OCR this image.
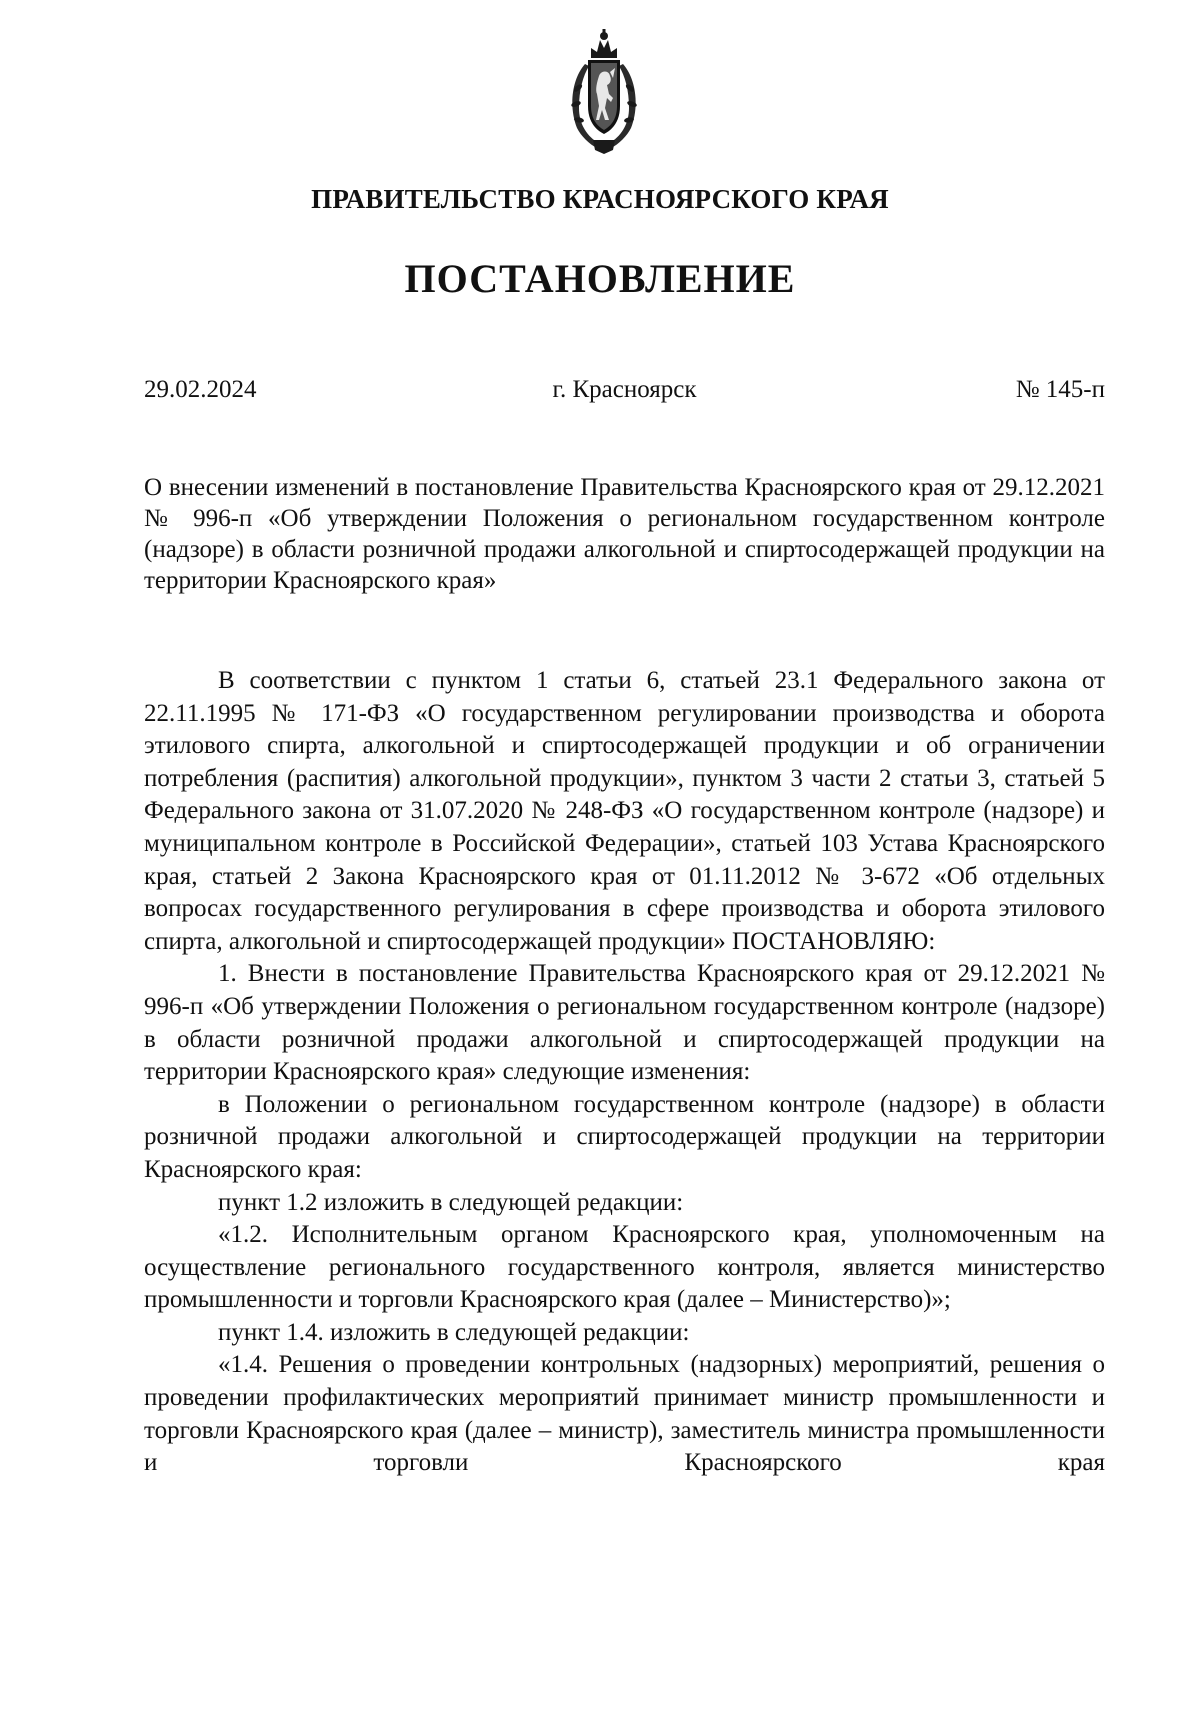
ПРАВИТЕЛЬСТВО КРАСНОЯРСКОГО КРАЯ
ПОСТАНОВЛЕНИЕ
г. Красноярск
29.02.2024	№ 145-п
О внесении изменений в постановление Правительства Красноярского края от 29.12.2021 № 996-п «Об утверждении Положения о региональном государственном контроле (надзоре) в области розничной продажи алкогольной и спиртосодержащей продукции на территории Красноярского края»

В соответствии с пунктом 1 статьи 6, статьей 23.1 Федерального закона от 22.11.1995 № 171-ФЗ «О государственном регулировании производства и оборота этилового спирта, алкогольной и спиртосодержащей продукции и об ограничении потребления (распития) алкогольной продукции», пунктом 3 части 2 статьи 3, статьей 5 Федерального закона от 31.07.2020 № 248-ФЗ «О государственном контроле (надзоре) и муниципальном контроле в Российской Федерации», статьей 103 Устава Красноярского края, статьей 2 Закона Красноярского края от 01.11.2012 № 3-672 «Об отдельных вопросах государственного регулирования в сфере производства и оборота этилового спирта, алкогольной и спиртосодержащей продукции» ПОСТАНОВЛЯЮ:

1. Внести в постановление Правительства Красноярского края от 29.12.2021 № 996-п «Об утверждении Положения о региональном государственном контроле (надзоре) в области розничной продажи алкогольной и спиртосодержащей продукции на территории Красноярского края» следующие изменения:

в Положении о региональном государственном контроле (надзоре) в области розничной продажи алкогольной и спиртосодержащей продукции на территории Красноярского края:

пункт 1.2 изложить в следующей редакции:

«1.2. Исполнительным органом Красноярского края, уполномоченным на осуществление регионального государственного контроля, является министерство промышленности и торговли Красноярского края (далее – Министерство)»;

пункт 1.4. изложить в следующей редакции:

«1.4. Решения о проведении контрольных (надзорных) мероприятий, решения о проведении профилактических мероприятий принимает министр промышленности и торговли Красноярского края (далее – министр), заместитель министра промышленности и торговли Красноярского края
